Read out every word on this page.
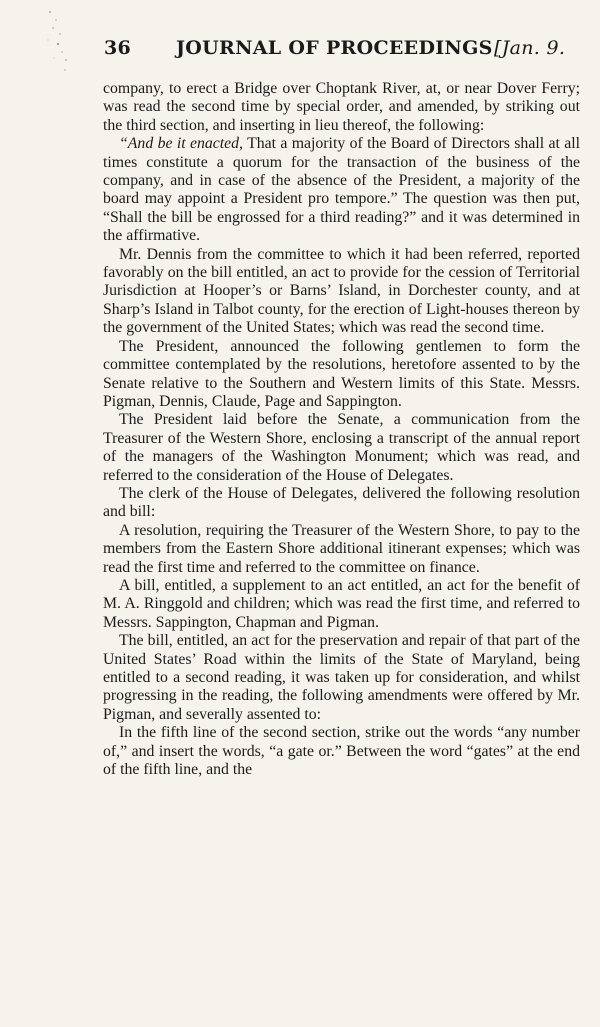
36 JOURNAL OF PROCEEDINGS [Jan. 9.

company, to erect a Bridge over Choptank River, at, or near Dover Ferry; was read the second time by special order, and amended, by striking out the third section, and inserting in lieu thereof, the following:

“And be it enacted, That a majority of the Board of Directors shall at all times constitute a quorum for the transaction of the business of the company, and in case of the absence of the President, a majority of the board may appoint a President pro tempore.” The question was then put, “Shall the bill be engrossed for a third reading?” and it was determined in the affirmative.

Mr. Dennis from the committee to which it had been referred, reported favorably on the bill entitled, an act to provide for the cession of Territorial Jurisdiction at Hooper’s or Barns’ Island, in Dorchester county, and at Sharp’s Island in Talbot county, for the erection of Light-houses thereon by the government of the United States; which was read the second time.

The President, announced the following gentlemen to form the committee contemplated by the resolutions, heretofore assented to by the Senate relative to the Southern and Western limits of this State. Messrs. Pigman, Dennis, Claude, Page and Sappington.

The President laid before the Senate, a communication from the Treasurer of the Western Shore, enclosing a transcript of the annual report of the managers of the Washington Monument; which was read, and referred to the consideration of the House of Delegates.

The clerk of the House of Delegates, delivered the following resolution and bill:

A resolution, requiring the Treasurer of the Western Shore, to pay to the members from the Eastern Shore additional itinerant expenses; which was read the first time and referred to the committee on finance.

A bill, entitled, a supplement to an act entitled, an act for the benefit of M. A. Ringgold and children; which was read the first time, and referred to Messrs. Sappington, Chapman and Pigman.

The bill, entitled, an act for the preservation and repair of that part of the United States’ Road within the limits of the State of Maryland, being entitled to a second reading, it was taken up for consideration, and whilst progressing in the reading, the following amendments were offered by Mr. Pigman, and severally assented to:

In the fifth line of the second section, strike out the words “any number of,” and insert the words, “a gate or.” Between the word “gates” at the end of the fifth line, and the
